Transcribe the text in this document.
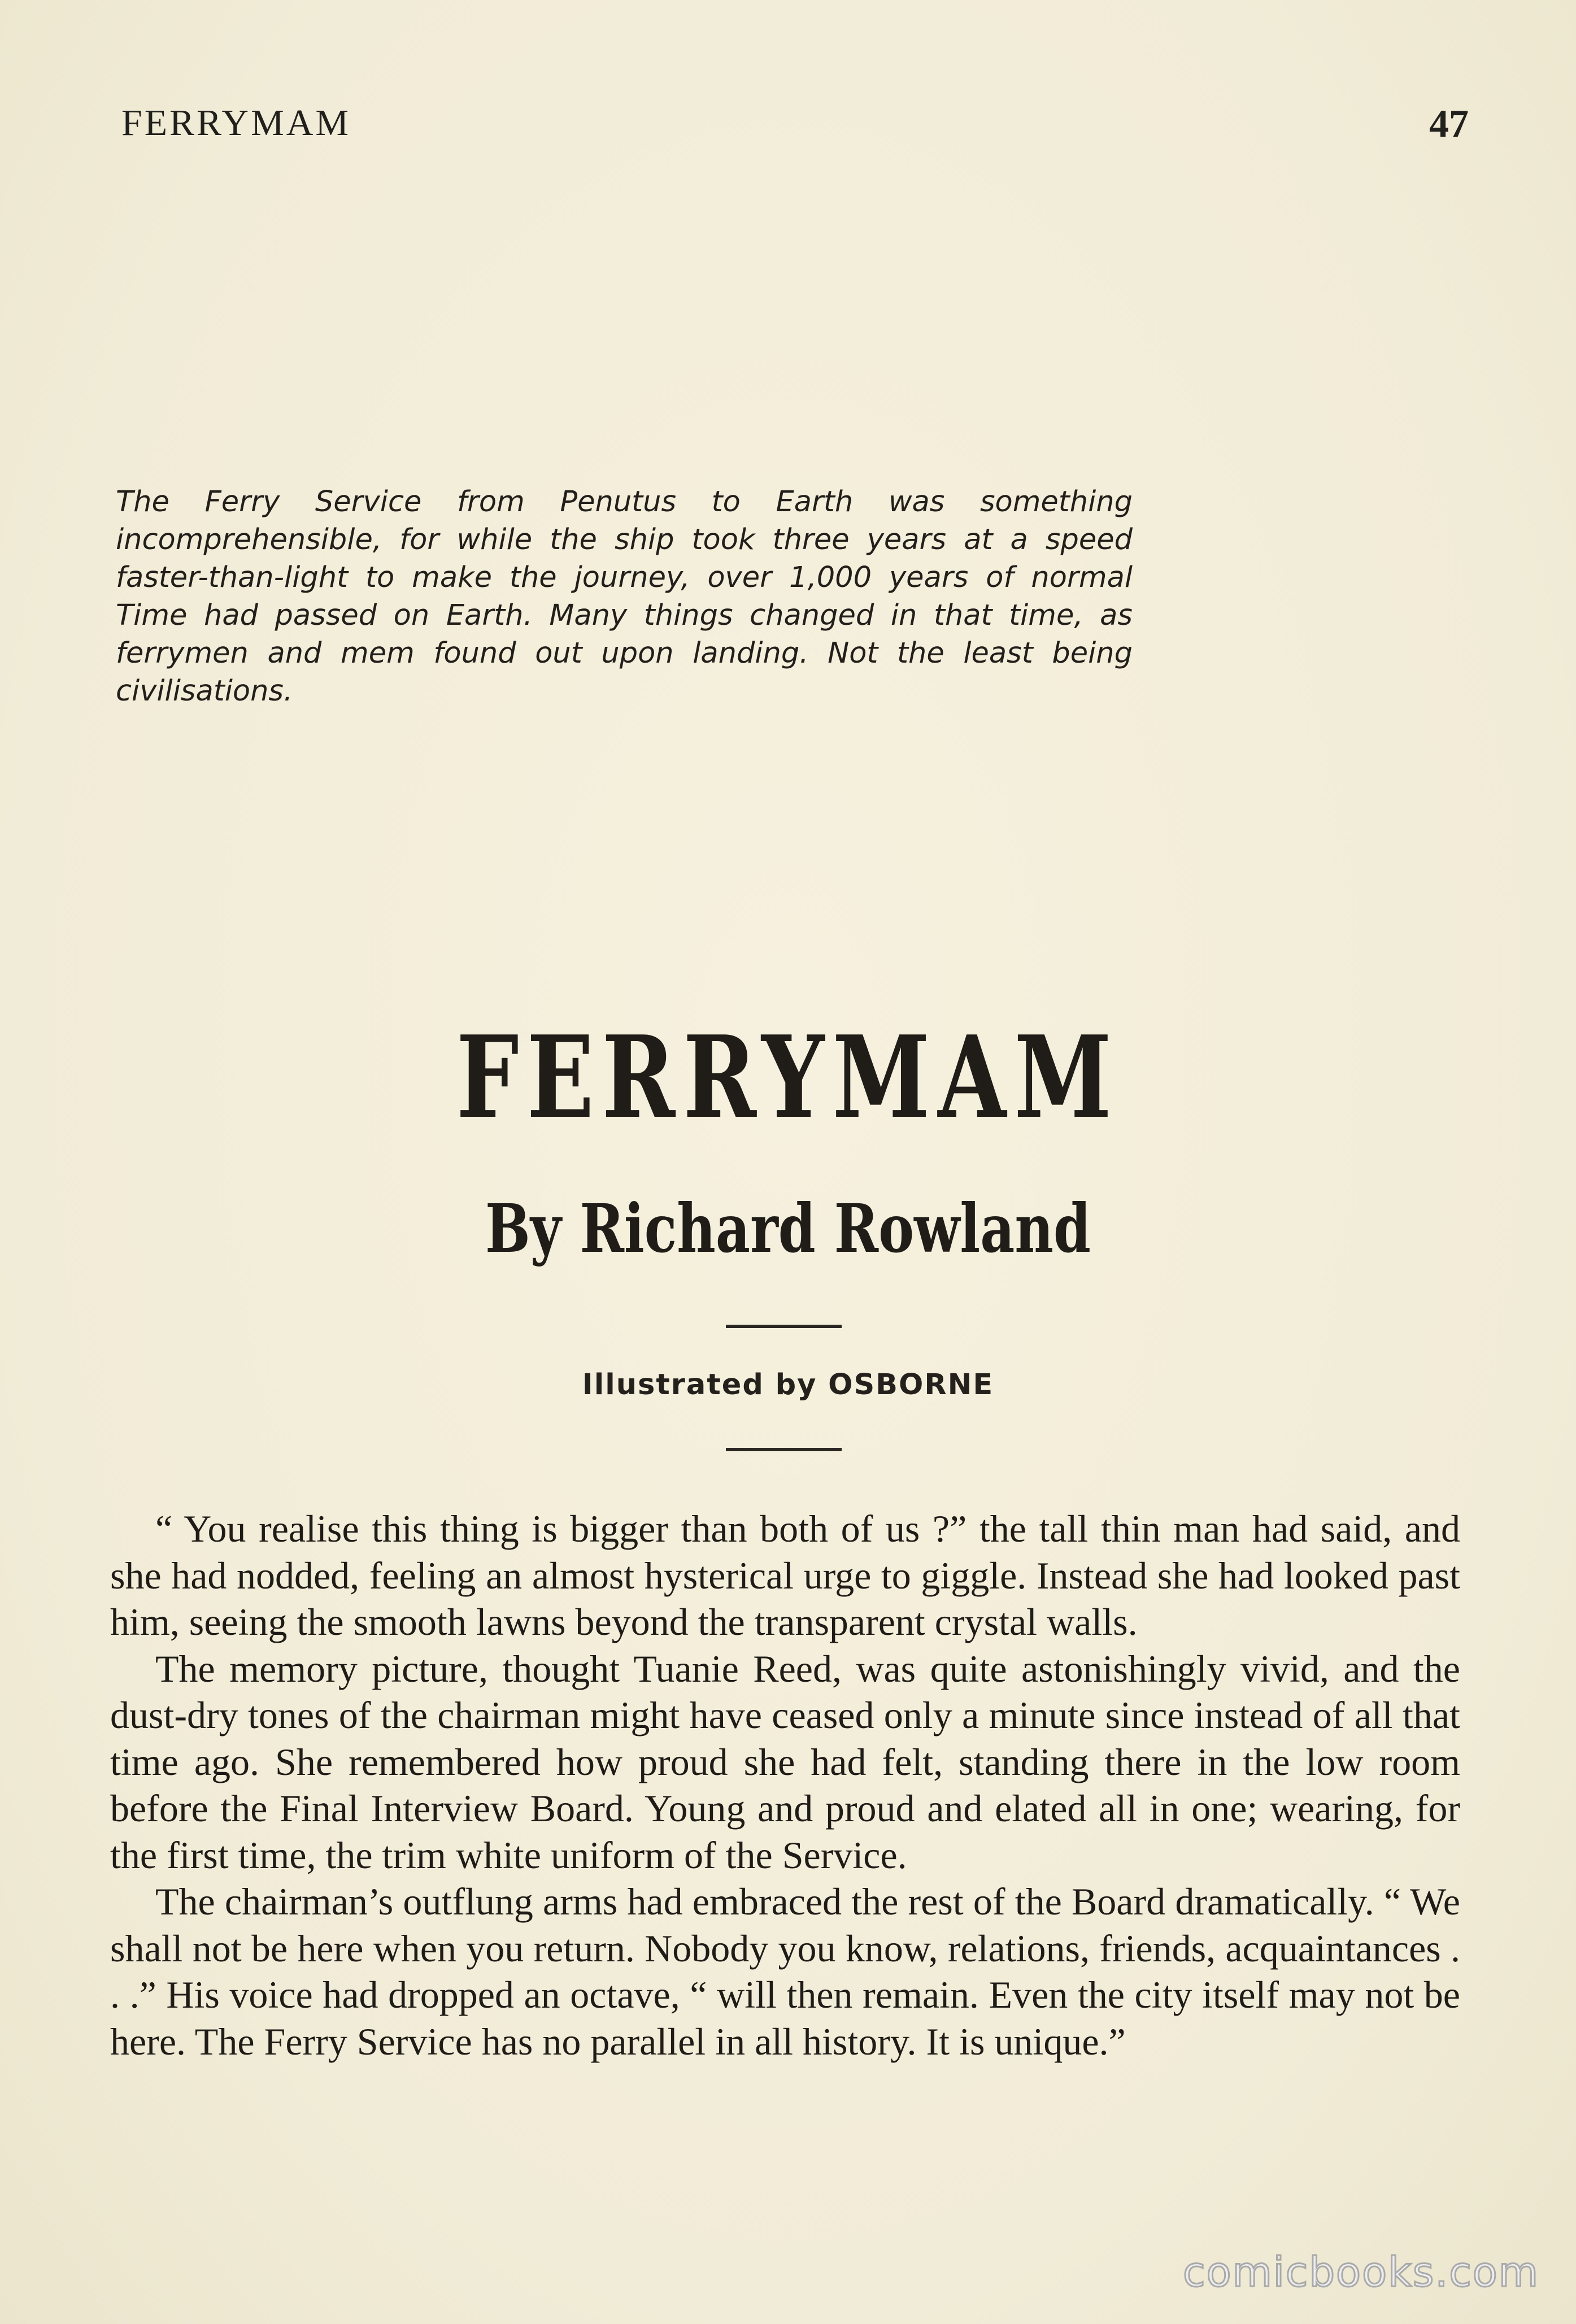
FERRYMAM	47
The Ferry Service from Penutus to Earth was something incomprehensible, for while the ship took three years at a speed faster-than-light to make the journey, over 1,000 years of normal Time had passed on Earth. Many things changed in that time, as ferrymen and mem found out upon landing. Not the least being civilisations.
FERRYMAM
By Richard Rowland
Illustrated by OSBORNE

“ You realise this thing is bigger than both of us ?” the tall thin man had said, and she had nodded, feeling an almost hysterical urge to giggle. Instead she had looked past him, seeing the smooth lawns beyond the transparent crystal walls.

The memory picture, thought Tuanie Reed, was quite astonishingly vivid, and the dust-dry tones of the chairman might have ceased only a minute since instead of all that time ago. She remembered how proud she had felt, standing there in the low room before the Final Interview Board. Young and proud and elated all in one; wearing, for the first time, the trim white uniform of the Service.

The chairman’s outflung arms had embraced the rest of the Board dramatically. “ We shall not be here when you return. Nobody you know, relations, friends, acquaintances . . .” His voice had dropped an octave, “ will then remain. Even the city itself may not be here. The Ferry Service has no parallel in all history. It is unique.”

comicbooks.com
